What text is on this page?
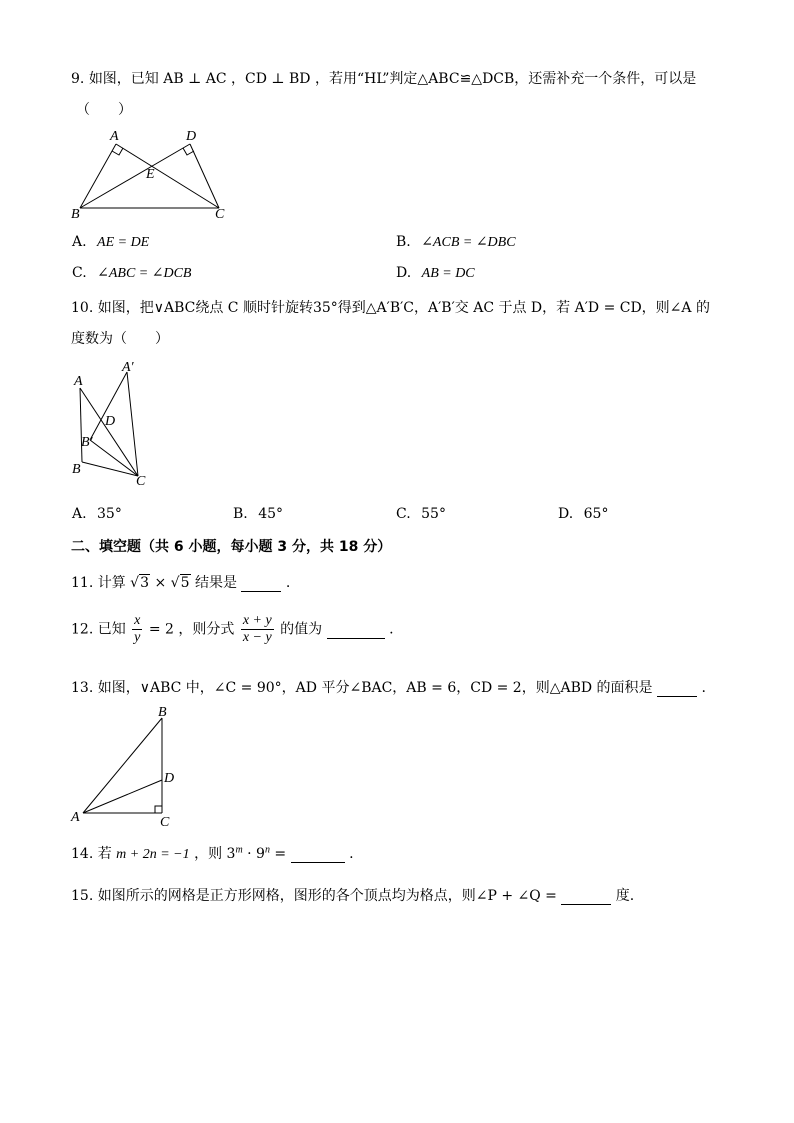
9. 如图，已知 AB ⊥ AC ，CD ⊥ BD ，若用“HL”判定△ABC≌△DCB，还需补充一个条件，可以是
（　　）
A	D
E
B	C
A. AE = DE	B. ∠ACB = ∠DBC
C. ∠ABC = ∠DCB	D. AB = DC
10. 如图，把∨ABC绕点 C 顺时针旋转35°得到△A′B′C，A′B′交 AC 于点 D，若 A′D = CD，则∠A 的
度数为（　　）
A′
A
D
B′
B
C
A. 35°	B. 45°	C. 55°	D. 65°
二、填空题（共 6 小题，每小题 3 分，共 18 分）
11. 计算 √3 × √5 结果是	.
12. 已知 $\frac{x}{y} = 2$ ，则分式 $\frac{x + y}{x - y}$ 的值为	.
13. 如图，∨ABC 中，∠C = 90°，AD 平分∠BAC，AB = 6，CD = 2，则△ABD 的面积是	.
B
D
A	C
14. 若 m + 2n = −1 ，则 $3^m \cdot 9^n$ =	.
15. 如图所示的网格是正方形网格，图形的各个顶点均为格点，则∠P + ∠Q =	度.
